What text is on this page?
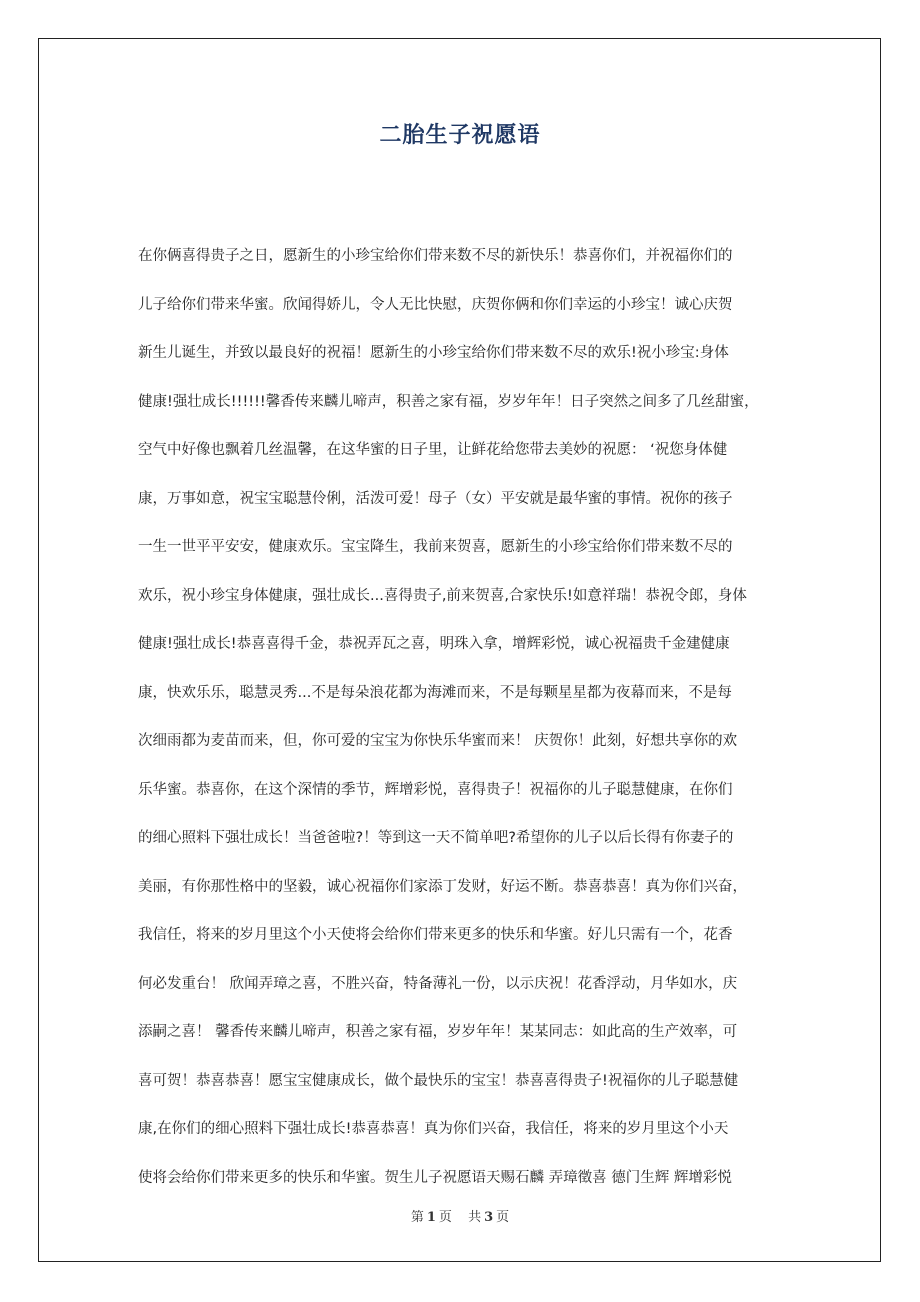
二胎生子祝愿语

在你俩喜得贵子之日，愿新生的小珍宝给你们带来数不尽的新快乐！恭喜你们，并祝福你们的
儿子给你们带来华蜜。欣闻得娇儿，令人无比快慰，庆贺你俩和你们幸运的小珍宝！诚心庆贺
新生儿诞生，并致以最良好的祝福！愿新生的小珍宝给你们带来数不尽的欢乐!祝小珍宝:身体
健康!强壮成长!!!!!!馨香传来麟儿啼声，积善之家有福，岁岁年年！日子突然之间多了几丝甜蜜，
空气中好像也飘着几丝温馨，在这华蜜的日子里，让鲜花给您带去美妙的祝愿： ‘祝您身体健
康，万事如意，祝宝宝聪慧伶俐，活泼可爱！母子（女）平安就是最华蜜的事情。祝你的孩子
一生一世平平安安，健康欢乐。宝宝降生，我前来贺喜，愿新生的小珍宝给你们带来数不尽的
欢乐，祝小珍宝身体健康，强壮成长...喜得贵子,前来贺喜,合家快乐!如意祥瑞！恭祝令郎，身体
健康!强壮成长!恭喜喜得千金，恭祝弄瓦之喜，明珠入拿，增辉彩悦，诚心祝福贵千金建健康
康，快欢乐乐，聪慧灵秀...不是每朵浪花都为海滩而来，不是每颗星星都为夜幕而来，不是每
次细雨都为麦苗而来，但，你可爱的宝宝为你快乐华蜜而来！ 庆贺你！此刻，好想共享你的欢
乐华蜜。恭喜你，在这个深情的季节，辉增彩悦，喜得贵子！祝福你的儿子聪慧健康，在你们
的细心照料下强壮成长！当爸爸啦?！等到这一天不简单吧?希望你的儿子以后长得有你妻子的
美丽，有你那性格中的坚毅，诚心祝福你们家添丁发财，好运不断。恭喜恭喜！真为你们兴奋，
我信任，将来的岁月里这个小天使将会给你们带来更多的快乐和华蜜。好儿只需有一个，花香
何必发重台！ 欣闻弄璋之喜，不胜兴奋，特备薄礼一份，以示庆祝！花香浮动，月华如水，庆
添嗣之喜！ 馨香传来麟儿啼声，积善之家有福，岁岁年年！某某同志：如此高的生产效率，可
喜可贺！恭喜恭喜！愿宝宝健康成长，做个最快乐的宝宝！恭喜喜得贵子!祝福你的儿子聪慧健
康,在你们的细心照料下强壮成长!恭喜恭喜！真为你们兴奋，我信任，将来的岁月里这个小天
使将会给你们带来更多的快乐和华蜜。贺生儿子祝愿语天赐石麟 弄璋徵喜 德门生辉 辉增彩悦

第 1 页 共 3 页
